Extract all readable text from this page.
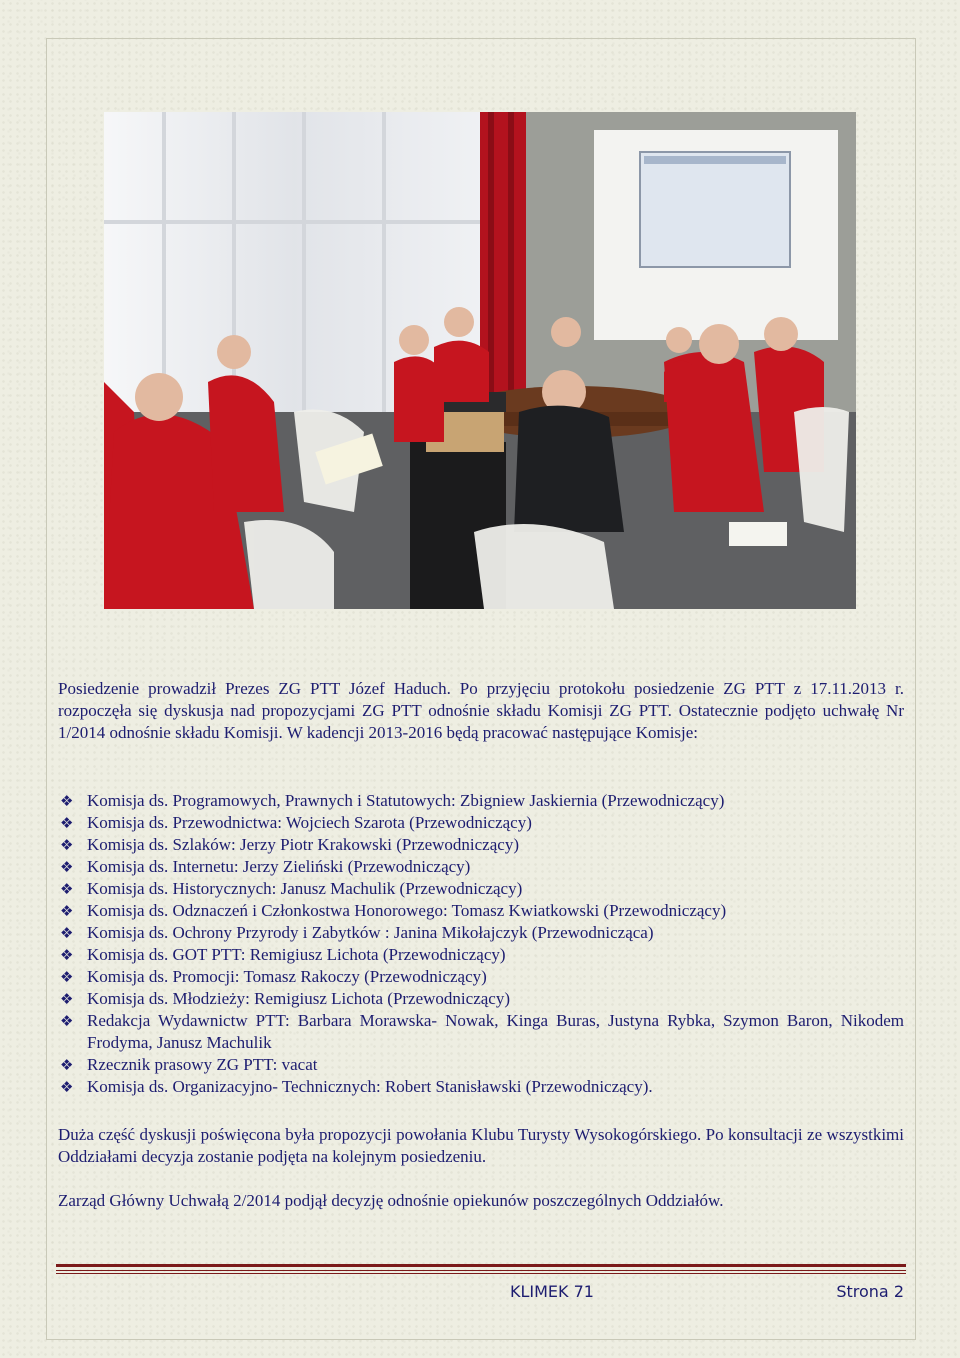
Posiedzenie prowadził Prezes ZG PTT Józef Haduch. Po przyjęciu protokołu posiedzenie ZG PTT z 17.11.2013 r. rozpoczęła się dyskusja nad propozycjami ZG PTT odnośnie składu Komisji ZG PTT. Ostatecznie podjęto uchwałę Nr 1/2014 odnośnie składu Komisji. W kadencji 2013-2016 będą pracować następujące Komisje:
❖ Komisja ds. Programowych, Prawnych i Statutowych: Zbigniew Jaskiernia (Przewodniczący)
❖ Komisja ds. Przewodnictwa: Wojciech Szarota (Przewodniczący)
❖ Komisja ds. Szlaków: Jerzy Piotr Krakowski (Przewodniczący)
❖ Komisja ds. Internetu: Jerzy Zieliński (Przewodniczący)
❖ Komisja ds. Historycznych: Janusz Machulik (Przewodniczący)
❖ Komisja ds. Odznaczeń i Członkostwa Honorowego: Tomasz Kwiatkowski (Przewodniczący)
❖ Komisja ds. Ochrony Przyrody i Zabytków : Janina Mikołajczyk (Przewodnicząca)
❖ Komisja ds. GOT PTT: Remigiusz Lichota (Przewodniczący)
❖ Komisja ds. Promocji: Tomasz Rakoczy (Przewodniczący)
❖ Komisja ds. Młodzieży: Remigiusz Lichota (Przewodniczący)
❖ Redakcja Wydawnictw PTT: Barbara Morawska- Nowak, Kinga Buras, Justyna Rybka, Szymon Baron, Nikodem Frodyma, Janusz Machulik
❖ Rzecznik prasowy ZG PTT: vacat
❖ Komisja ds. Organizacyjno- Technicznych: Robert Stanisławski (Przewodniczący).
Duża część dyskusji poświęcona była propozycji powołania Klubu Turysty Wysokogórskiego. Po konsultacji ze wszystkimi Oddziałami decyzja zostanie podjęta na kolejnym posiedzeniu.
Zarząd Główny Uchwałą 2/2014 podjął decyzję odnośnie opiekunów poszczególnych Oddziałów.
KLIMEK 71	Strona 2
